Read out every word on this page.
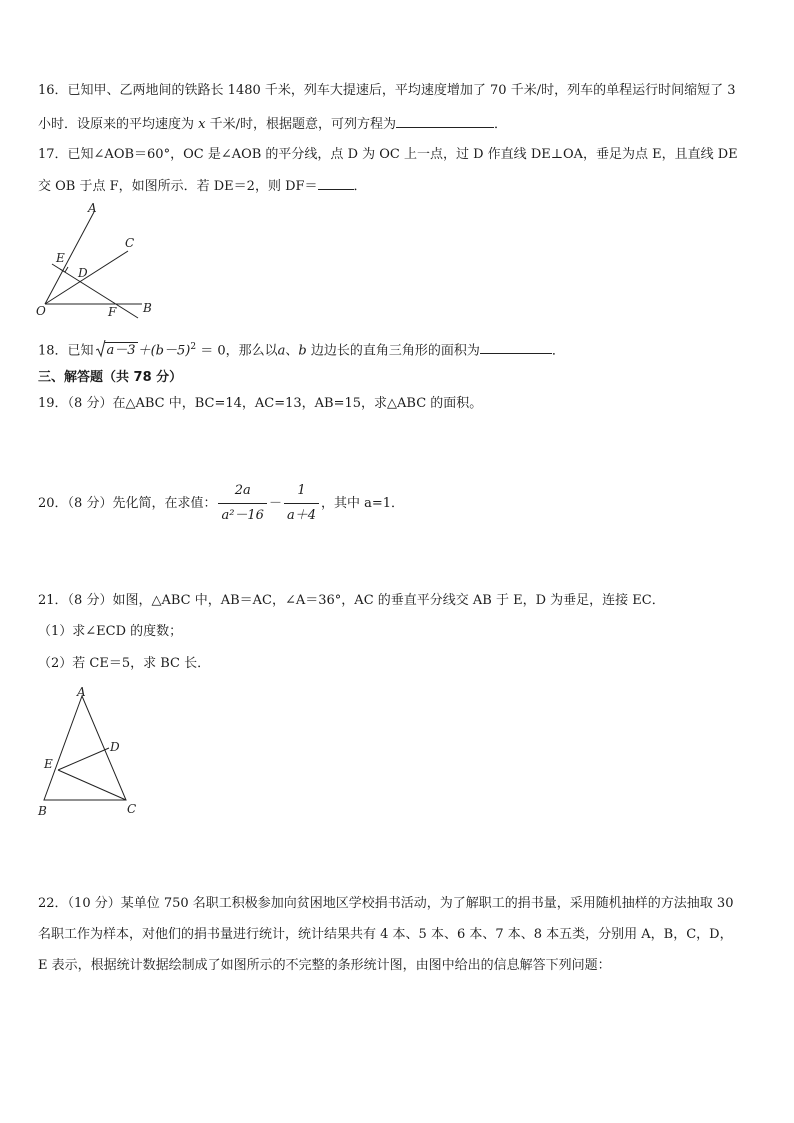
16．已知甲、乙两地间的铁路长 1480 千米，列车大提速后，平均速度增加了 70 千米/时，列车的单程运行时间缩短了 3
小时．设原来的平均速度为 x 千米/时，根据题意，可列方程为	．
17．已知∠AOB＝60°，OC 是∠AOB 的平分线，点 D 为 OC 上一点，过 D 作直线 DE⊥OA，垂足为点 E，且直线 DE
交 OB 于点 F，如图所示．若 DE＝2，则 DF＝	．
A
C
E
D
O	F B
18．已知 $a-3 +(b-5)^2 = 0$，那么以a、b 边边长的直角三角形的面积为	．
三、解答题（共 78 分）
19．（8 分）在△ABC 中，BC=14，AC=13，AB=15，求△ABC 的面积。
20．（8 分）先化简，在求值： $\frac{2a}{\text{a²－16}} - \frac{1}{a+4}$ ，其中 a=1．
21．（8 分）如图，△ABC 中，AB＝AC，∠A＝36°，AC 的垂直平分线交 AB 于 E，D 为垂足，连接 EC．
（1）求∠ECD 的度数；
（2）若 CE＝5，求 BC 长．
A
D
E
B	C
22．（10 分）某单位 750 名职工积极参加向贫困地区学校捐书活动，为了解职工的捐书量，采用随机抽样的方法抽取 30
名职工作为样本，对他们的捐书量进行统计，统计结果共有 4 本、5 本、6 本、7 本、8 本五类，分别用 A，B，C，D，
E 表示，根据统计数据绘制成了如图所示的不完整的条形统计图，由图中给出的信息解答下列问题：
